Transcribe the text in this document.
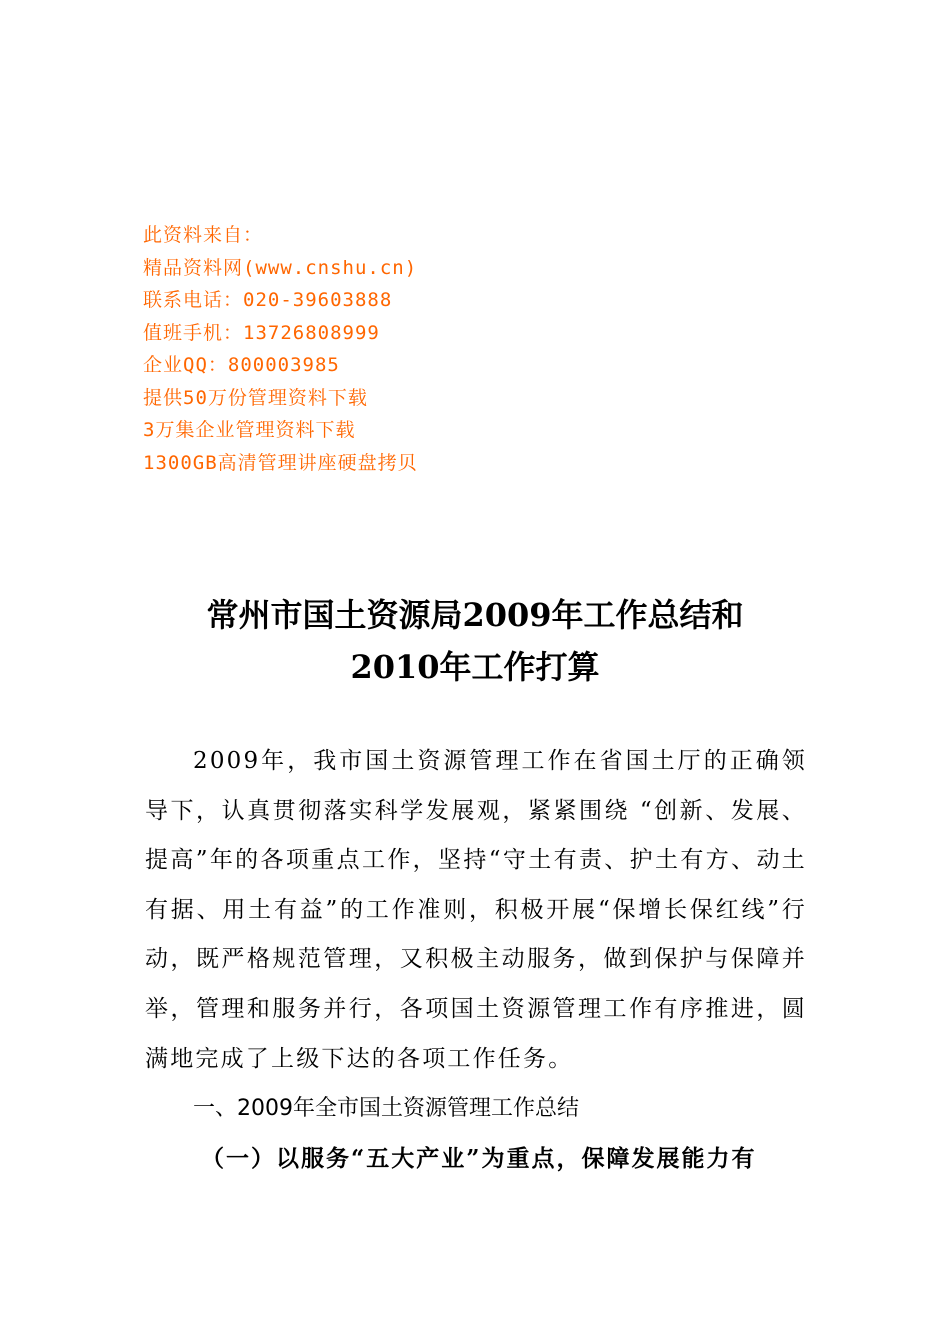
此资料来自：
精品资料网(www.cnshu.cn)
联系电话：020-39603888
值班手机：13726808999
企业QQ：800003985
提供50万份管理资料下载
3万集企业管理资料下载
1300GB高清管理讲座硬盘拷贝
常州市国土资源局2009年工作总结和
2010年工作打算

2009年，我市国土资源管理工作在省国土厅的正确领导下，认真贯彻落实科学发展观，紧紧围绕 “创新、发展、提高”年的各项重点工作，坚持“守土有责、护土有方、动土有据、用土有益”的工作准则，积极开展“保增长保红线”行动，既严格规范管理，又积极主动服务，做到保护与保障并举，管理和服务并行，各项国土资源管理工作有序推进，圆满地完成了上级下达的各项工作任务。

一、2009年全市国土资源管理工作总结

（一）以服务“五大产业”为重点，保障发展能力有
